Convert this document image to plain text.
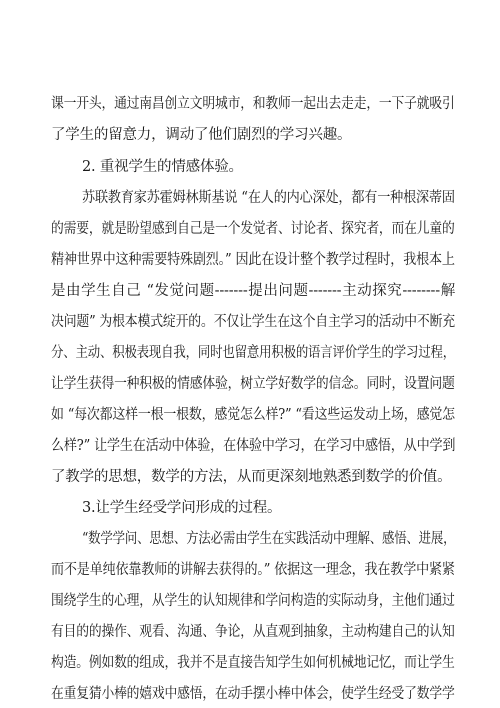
课一开头，通过南昌创立文明城市，和教师一起出去走走，一下子就吸引
了学生的留意力，调动了他们剧烈的学习兴趣。
2. 重视学生的情感体验。
苏联教育家苏霍姆林斯基说 “在人的内心深处，都有一种根深蒂固
的需要，就是盼望感到自己是一个发觉者、讨论者、探究者，而在儿童的
精神世界中这种需要特殊剧烈。” 因此在设计整个教学过程时，我根本上
是由学生自己 “发觉问题-------提出问题-------主动探究--------解
决问题” 为根本模式绽开的。不仅让学生在这个自主学习的活动中不断充
分、主动、积极表现自我，同时也留意用积极的语言评价学生的学习过程，
让学生获得一种积极的情感体验，树立学好数学的信念。同时，设置问题
如 “每次都这样一根一根数，感觉怎么样?” “看这些运发动上场，感觉怎
么样?” 让学生在活动中体验，在体验中学习，在学习中感悟，从中学到
了教学的思想，数学的方法，从而更深刻地熟悉到数学的价值。
3.让学生经受学问形成的过程。
“数学学问、思想、方法必需由学生在实践活动中理解、感悟、进展，
而不是单纯依靠教师的讲解去获得的。” 依据这一理念，我在教学中紧紧
围绕学生的心理，从学生的认知规律和学问构造的实际动身，主他们通过
有目的的操作、观看、沟通、争论，从直观到抽象，主动构建自己的认知
构造。例如数的组成，我并不是直接告知学生如何机械地记忆，而让学生
在重复猜小棒的嬉戏中感悟，在动手摆小棒中体会，使学生经受了数学学
